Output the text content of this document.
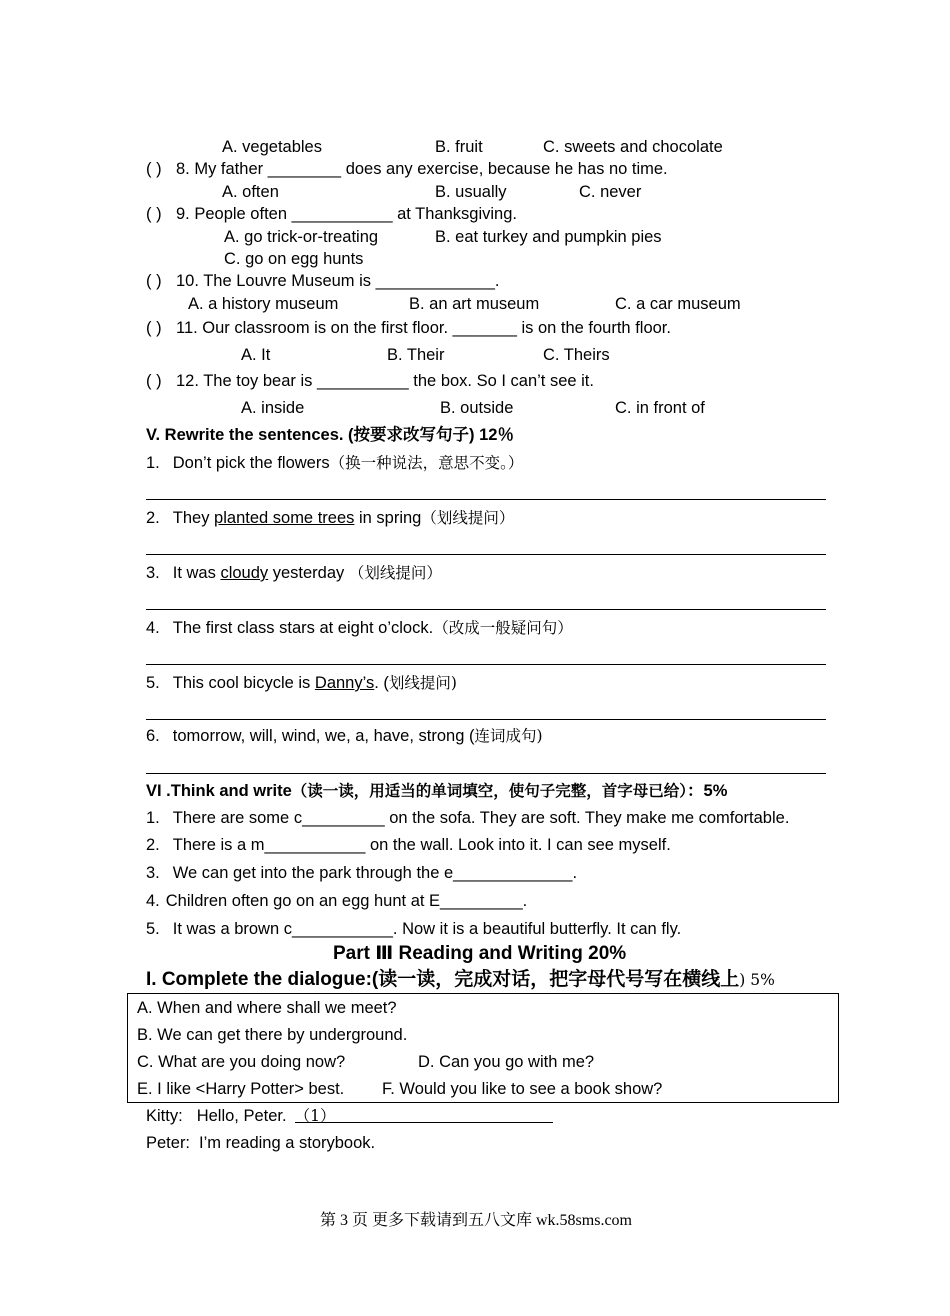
A. vegetables	B. fruit	C. sweets and chocolate
( ) 8. My father ________ does any exercise, because he has no time.
A. often	B. usually	C. never
( ) 9. People often ___________ at Thanksgiving.
A. go trick-or-treating	B. eat turkey and pumpkin pies
C. go on egg hunts
( ) 10. The Louvre Museum is _____________.
A. a history museum	B. an art museum	C. a car museum
( ) 11. Our classroom is on the first floor. _______ is on the fourth floor.
A. It	B. Their	C. Theirs
( ) 12. The toy bear is __________ the box. So I can’t see it.
A. inside	B. outside	C. in front of
V. Rewrite the sentences. (按要求改写句子) 12％
1. Don’t pick the flowers（换一种说法，意思不变。）
2. They planted some trees in spring（划线提问）
3. It was cloudy yesterday （划线提问）
4. The first class stars at eight o’clock.（改成一般疑问句）
5. This cool bicycle is Danny’s. (划线提问)
6. tomorrow, will, wind, we, a, have, strong (连词成句)
VI .Think and write（读一读，用适当的单词填空，使句子完整，首字母已给）：5%
1. There are some c_________ on the sofa. They are soft. They make me comfortable.
2. There is a m___________ on the wall. Look into it. I can see myself.
3. We can get into the park through the e_____________.
4. Children often go on an egg hunt at E_________.
5. It was a brown c___________. Now it is a beautiful butterfly. It can fly.
Part Ⅲ Reading and Writing 20%
I. Complete the dialogue:(读一读，完成对话，把字母代号写在横线上) 5%
A. When and where shall we meet?
B. We can get there by underground.
C. What are you doing now?	D. Can you go with me?
E. I like <Harry Potter> best. F. Would you like to see a book show?
Kitty: Hello, Peter. （1）
Peter: I’m reading a storybook.
第 3 页 更多下载请到五八文库 wk.58sms.com
